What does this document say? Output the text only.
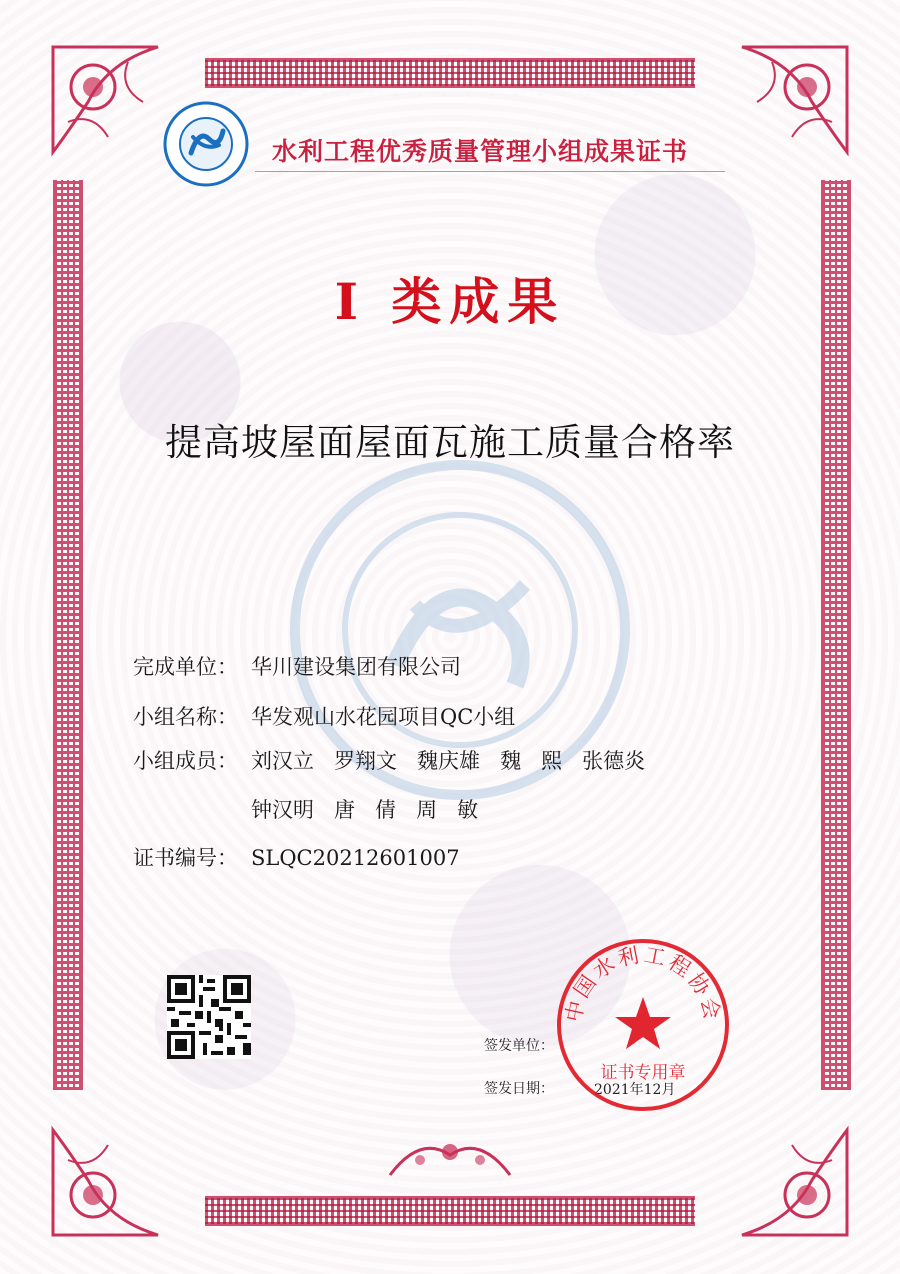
水利工程优秀质量管理小组成果证书
I 类成果
提高坡屋面屋面瓦施工质量合格率
完成单位： 华川建设集团有限公司
小组名称： 华发观山水花园项目QC小组
小组成员： 刘汉立   罗翔文   魏庆雄   魏   熙   张德炎
钟汉明   唐   倩   周   敏
证书编号： SLQC20212601007
签发单位：
签发日期：	2021年12月
中国水利工程协会
证书专用章
